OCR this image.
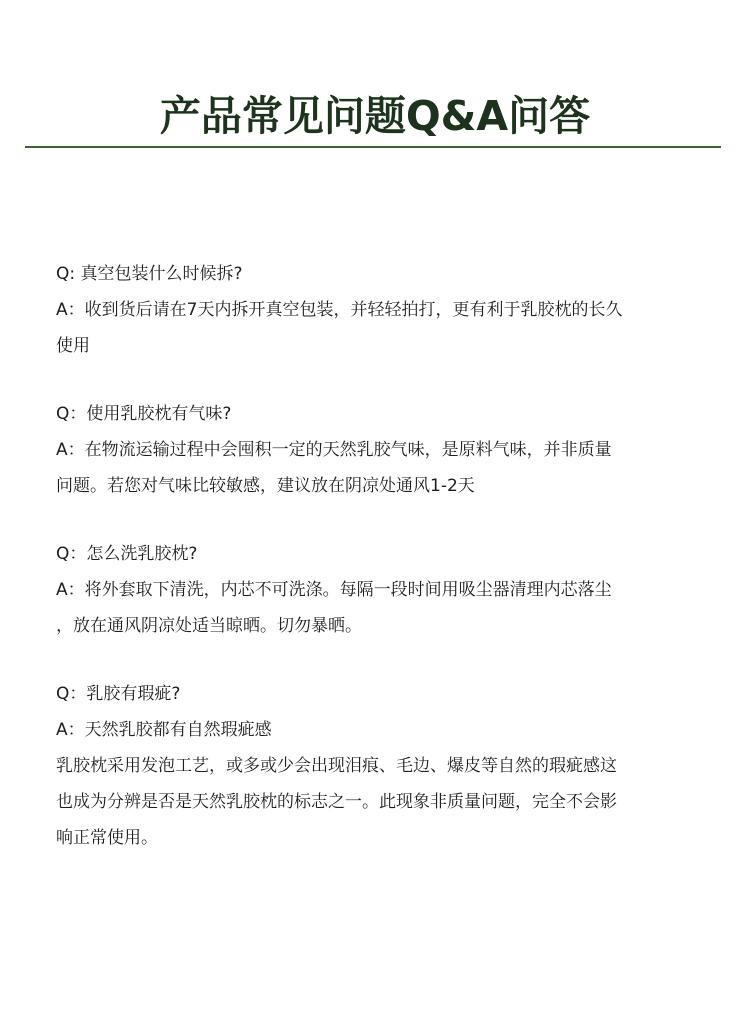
产品常见问题Q&A问答

Q: 真空包装什么时候拆?

A：收到货后请在7天内拆开真空包装，并轻轻拍打，更有利于乳胶枕的长久

使用

Q：使用乳胶枕有气味?

A：在物流运输过程中会囤积一定的天然乳胶气味，是原料气味，并非质量

问题。若您对气味比较敏感，建议放在阴凉处通风1-2天

Q：怎么洗乳胶枕?

A：将外套取下清洗，内芯不可洗涤。每隔一段时间用吸尘器清理内芯落尘

，放在通风阴凉处适当晾晒。切勿暴晒。

Q：乳胶有瑕疵?

A：天然乳胶都有自然瑕疵感

乳胶枕采用发泡工艺，或多或少会出现泪痕、毛边、爆皮等自然的瑕疵感这

也成为分辨是否是天然乳胶枕的标志之一。此现象非质量问题，完全不会影

响正常使用。
